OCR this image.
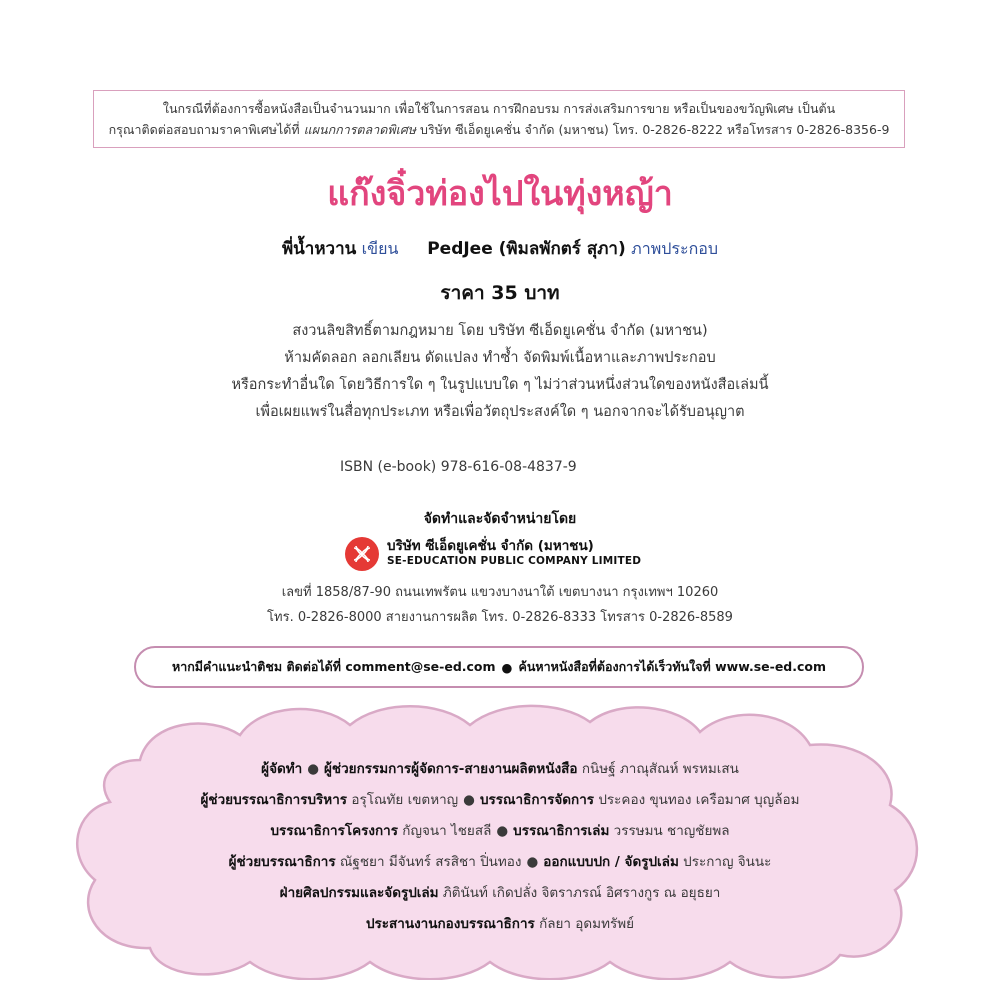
ในกรณีที่ต้องการซื้อหนังสือเป็นจำนวนมาก เพื่อใช้ในการสอน การฝึกอบรม การส่งเสริมการขาย หรือเป็นของขวัญพิเศษ เป็นต้น
กรุณาติดต่อสอบถามราคาพิเศษได้ที่ แผนกการตลาดพิเศษ บริษัท ซีเอ็ดยูเคชั่น จำกัด (มหาชน) โทร. 0-2826-8222 หรือโทรสาร 0-2826-8356-9
แก๊งจิ๋วท่องไปในทุ่งหญ้า
พี่น้ำหวาน เขียน PedJee (พิมลพักตร์ สุภา) ภาพประกอบ
ราคา 35 บาท
สงวนลิขสิทธิ์ตามกฎหมาย โดย บริษัท ซีเอ็ดยูเคชั่น จำกัด (มหาชน)
ห้ามคัดลอก ลอกเลียน ดัดแปลง ทำซ้ำ จัดพิมพ์เนื้อหาและภาพประกอบ
หรือกระทำอื่นใด โดยวิธีการใด ๆ ในรูปแบบใด ๆ ไม่ว่าส่วนหนึ่งส่วนใดของหนังสือเล่มนี้
เพื่อเผยแพร่ในสื่อทุกประเภท หรือเพื่อวัตถุประสงค์ใด ๆ นอกจากจะได้รับอนุญาต
ISBN (e-book) 978-616-08-4837-9
จัดทำและจัดจำหน่ายโดย
บริษัท ซีเอ็ดยูเคชั่น จำกัด (มหาชน)
SE-EDUCATION PUBLIC COMPANY LIMITED
เลขที่ 1858/87-90 ถนนเทพรัตน แขวงบางนาใต้ เขตบางนา กรุงเทพฯ 10260
โทร. 0-2826-8000 สายงานการผลิต โทร. 0-2826-8333 โทรสาร 0-2826-8589
หากมีคำแนะนำติชม ติดต่อได้ที่ comment@se-ed.com ● ค้นหาหนังสือที่ต้องการได้เร็วทันใจที่ www.se-ed.com
ผู้จัดทำ ● ผู้ช่วยกรรมการผู้จัดการ-สายงานผลิตหนังสือ กนิษฐ์ ภาณุสัณห์ พรหมเสน
ผู้ช่วยบรรณาธิการบริหาร อรุโณทัย เขตหาญ ● บรรณาธิการจัดการ ประคอง ขุนทอง เครือมาศ บุญล้อม
บรรณาธิการโครงการ กัญจนา ไชยสลี ● บรรณาธิการเล่ม วรรษมน ชาญชัยพล
ผู้ช่วยบรรณาธิการ ณัฐชยา มีจันทร์ สรสิชา ปิ่นทอง ● ออกแบบปก / จัดรูปเล่ม ประกาญ จินนะ
ฝ่ายศิลปกรรมและจัดรูปเล่ม ภิตินันท์ เกิดปลั่ง จิตราภรณ์ อิศรางกูร ณ อยุธยา
ประสานงานกองบรรณาธิการ กัลยา อุดมทรัพย์
